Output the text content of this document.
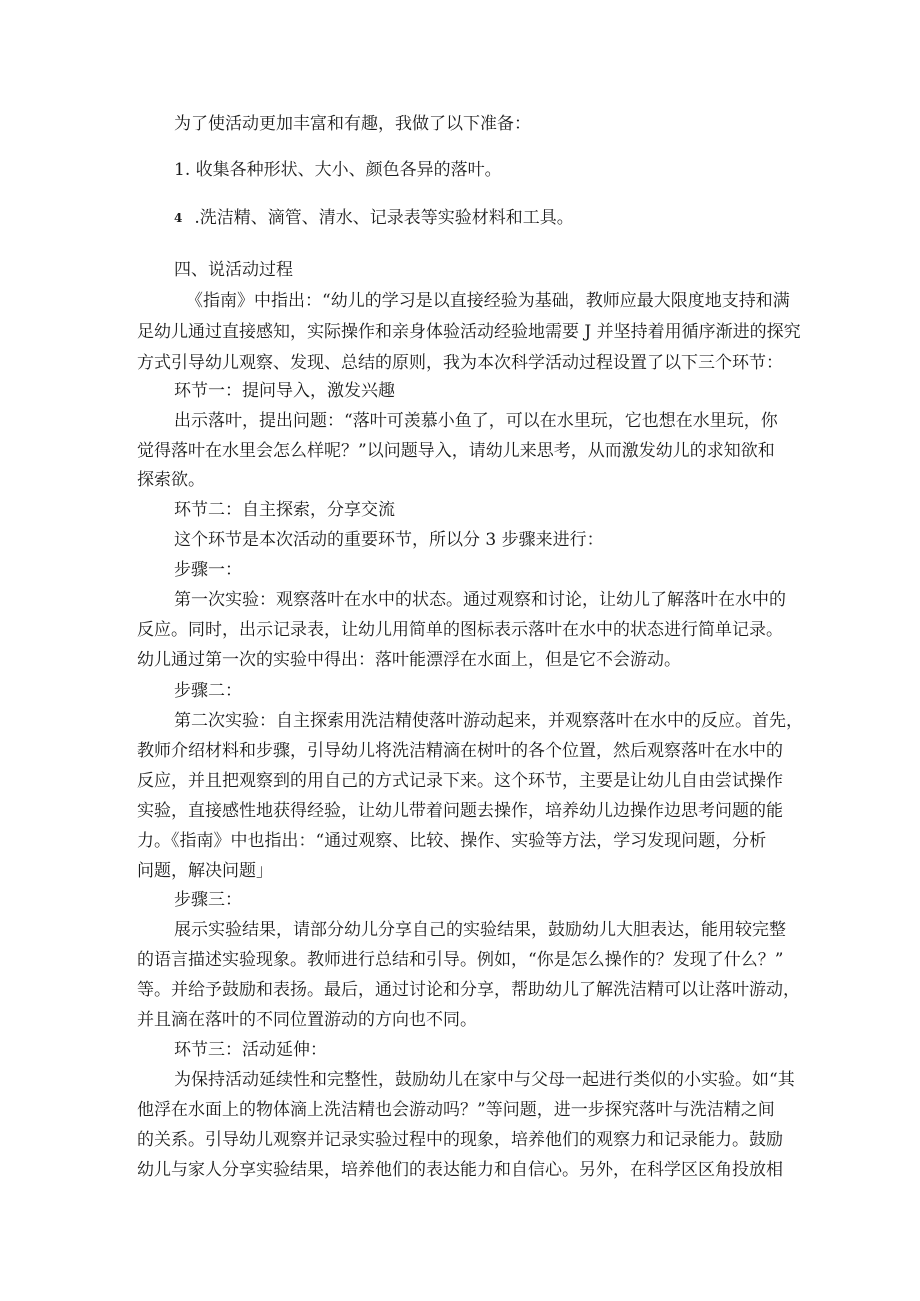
为了使活动更加丰富和有趣，我做了以下准备：
1. 收集各种形状、大小、颜色各异的落叶。
4 .洗洁精、滴管、清水、记录表等实验材料和工具。
四、说活动过程
《指南》中指出：“幼儿的学习是以直接经验为基础，教师应最大限度地支持和满
足幼儿通过直接感知，实际操作和亲身体验活动经验地需要 J 并坚持着用循序渐进的探究
方式引导幼儿观察、发现、总结的原则，我为本次科学活动过程设置了以下三个环节：
环节一：提问导入，激发兴趣
出示落叶，提出问题：“落叶可羡慕小鱼了，可以在水里玩，它也想在水里玩，你
觉得落叶在水里会怎么样呢？”以问题导入，请幼儿来思考，从而激发幼儿的求知欲和
探索欲。
环节二：自主探索，分享交流
这个环节是本次活动的重要环节，所以分 3 步骤来进行：
步骤一：
第一次实验：观察落叶在水中的状态。通过观察和讨论，让幼儿了解落叶在水中的
反应。同时，出示记录表，让幼儿用简单的图标表示落叶在水中的状态进行简单记录。
幼儿通过第一次的实验中得出：落叶能漂浮在水面上，但是它不会游动。
步骤二：
第二次实验：自主探索用洗洁精使落叶游动起来，并观察落叶在水中的反应。首先，
教师介绍材料和步骤，引导幼儿将洗洁精滴在树叶的各个位置，然后观察落叶在水中的
反应，并且把观察到的用自己的方式记录下来。这个环节，主要是让幼儿自由尝试操作
实验，直接感性地获得经验，让幼儿带着问题去操作，培养幼儿边操作边思考问题的能
力。《指南》中也指出：“通过观察、比较、操作、实验等方法，学习发现问题，分析
问题，解决问题」
步骤三：
展示实验结果，请部分幼儿分享自己的实验结果，鼓励幼儿大胆表达，能用较完整
的语言描述实验现象。教师进行总结和引导。例如，“你是怎么操作的？发现了什么？”
等。并给予鼓励和表扬。最后，通过讨论和分享，帮助幼儿了解洗洁精可以让落叶游动，
并且滴在落叶的不同位置游动的方向也不同。
环节三：活动延伸：
为保持活动延续性和完整性，鼓励幼儿在家中与父母一起进行类似的小实验。如“其
他浮在水面上的物体滴上洗洁精也会游动吗？”等问题，进一步探究落叶与洗洁精之间
的关系。引导幼儿观察并记录实验过程中的现象，培养他们的观察力和记录能力。鼓励
幼儿与家人分享实验结果，培养他们的表达能力和自信心。另外，在科学区区角投放相
